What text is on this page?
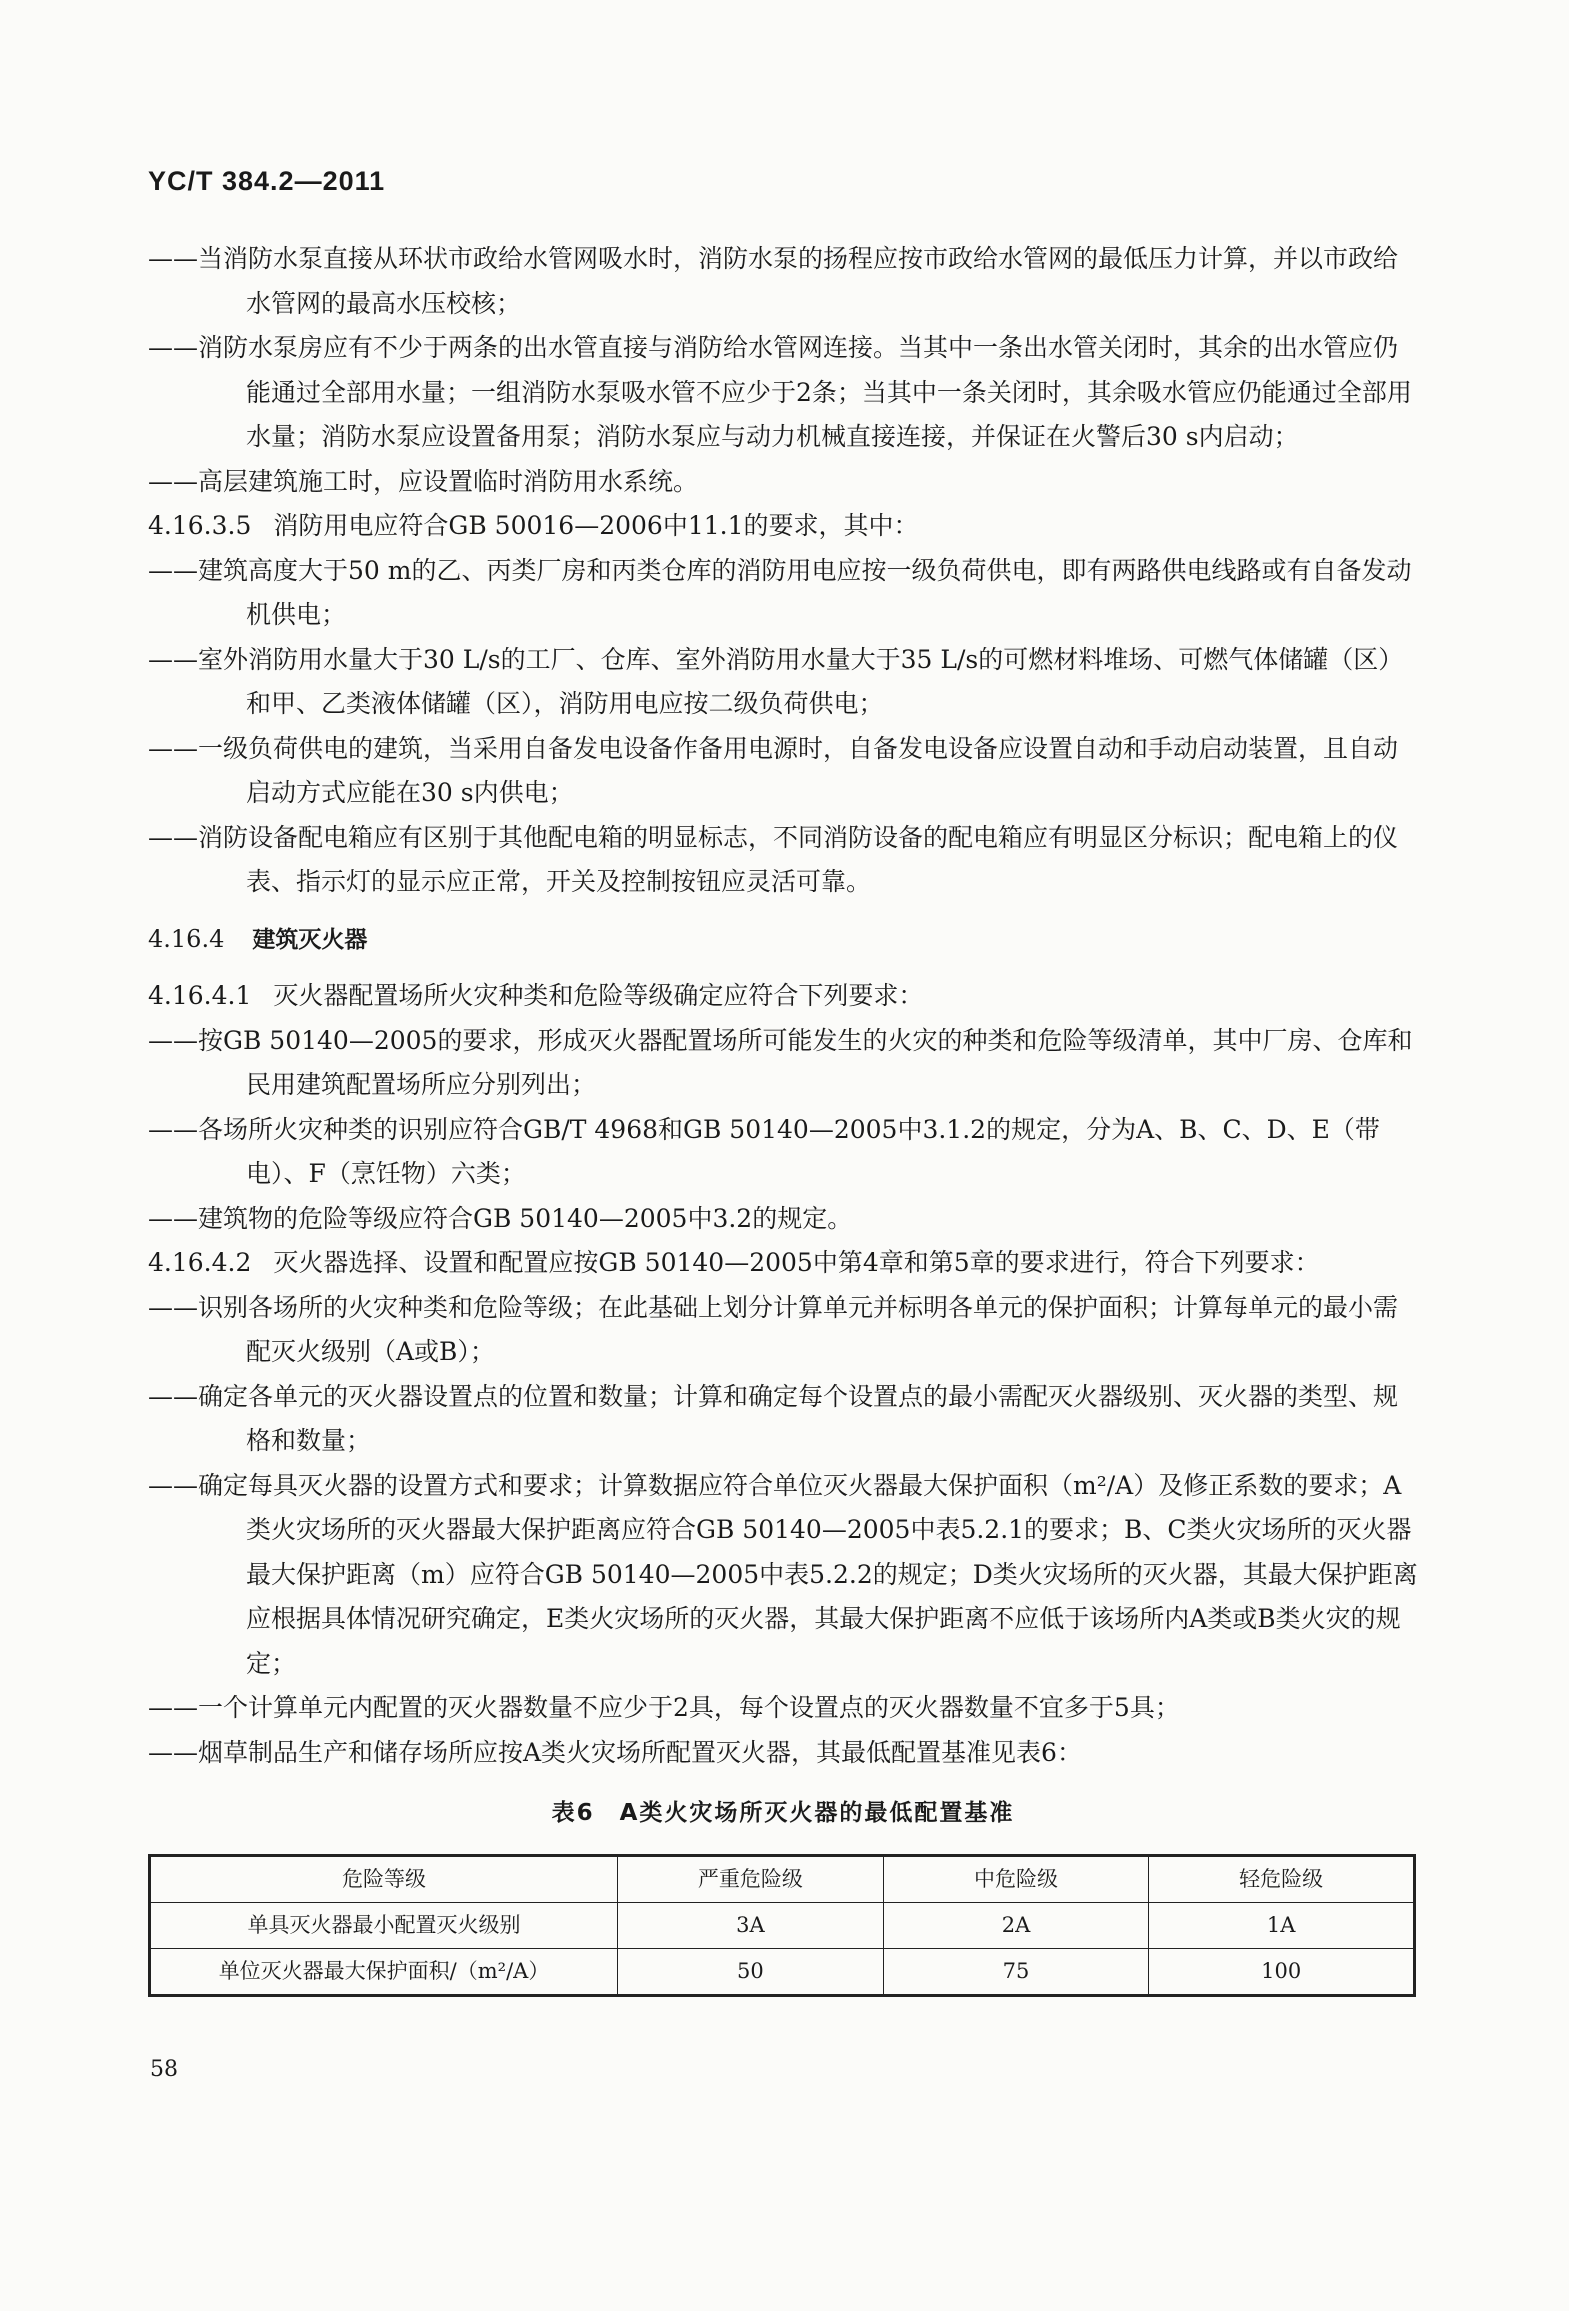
YC/T 384.2—2011
——当消防水泵直接从环状市政给水管网吸水时，消防水泵的扬程应按市政给水管网的最低压力计算，并以市政给水管网的最高水压校核；
——消防水泵房应有不少于两条的出水管直接与消防给水管网连接。当其中一条出水管关闭时，其余的出水管应仍能通过全部用水量；一组消防水泵吸水管不应少于2条；当其中一条关闭时，其余吸水管应仍能通过全部用水量；消防水泵应设置备用泵；消防水泵应与动力机械直接连接，并保证在火警后30 s内启动；
——高层建筑施工时，应设置临时消防用水系统。
4.16.3.5 消防用电应符合GB 50016—2006中11.1的要求，其中：
——建筑高度大于50 m的乙、丙类厂房和丙类仓库的消防用电应按一级负荷供电，即有两路供电线路或有自备发动机供电；
——室外消防用水量大于30 L/s的工厂、仓库、室外消防用水量大于35 L/s的可燃材料堆场、可燃气体储罐（区）和甲、乙类液体储罐（区），消防用电应按二级负荷供电；
——一级负荷供电的建筑，当采用自备发电设备作备用电源时，自备发电设备应设置自动和手动启动装置，且自动启动方式应能在30 s内供电；
——消防设备配电箱应有区别于其他配电箱的明显标志，不同消防设备的配电箱应有明显区分标识；配电箱上的仪表、指示灯的显示应正常，开关及控制按钮应灵活可靠。
4.16.4 建筑灭火器
4.16.4.1 灭火器配置场所火灾种类和危险等级确定应符合下列要求：
——按GB 50140—2005的要求，形成灭火器配置场所可能发生的火灾的种类和危险等级清单，其中厂房、仓库和民用建筑配置场所应分别列出；
——各场所火灾种类的识别应符合GB/T 4968和GB 50140—2005中3.1.2的规定，分为A、B、C、D、E（带电）、F（烹饪物）六类；
——建筑物的危险等级应符合GB 50140—2005中3.2的规定。
4.16.4.2 灭火器选择、设置和配置应按GB 50140—2005中第4章和第5章的要求进行，符合下列要求：
——识别各场所的火灾种类和危险等级；在此基础上划分计算单元并标明各单元的保护面积；计算每单元的最小需配灭火级别（A或B）；
——确定各单元的灭火器设置点的位置和数量；计算和确定每个设置点的最小需配灭火器级别、灭火器的类型、规格和数量；
——确定每具灭火器的设置方式和要求；计算数据应符合单位灭火器最大保护面积（m²/A）及修正系数的要求；A类火灾场所的灭火器最大保护距离应符合GB 50140—2005中表5.2.1的要求；B、C类火灾场所的灭火器最大保护距离（m）应符合GB 50140—2005中表5.2.2的规定；D类火灾场所的灭火器，其最大保护距离应根据具体情况研究确定，E类火灾场所的灭火器，其最大保护距离不应低于该场所内A类或B类火灾的规定；
——一个计算单元内配置的灭火器数量不应少于2具，每个设置点的灭火器数量不宜多于5具；
——烟草制品生产和储存场所应按A类火灾场所配置灭火器，其最低配置基准见表6：
表6　A类火灾场所灭火器的最低配置基准
危险等级	严重危险级	中危险级	轻危险级
单具灭火器最小配置灭火级别	3A	2A	1A
单位灭火器最大保护面积/（m²/A）	50	75	100
58
